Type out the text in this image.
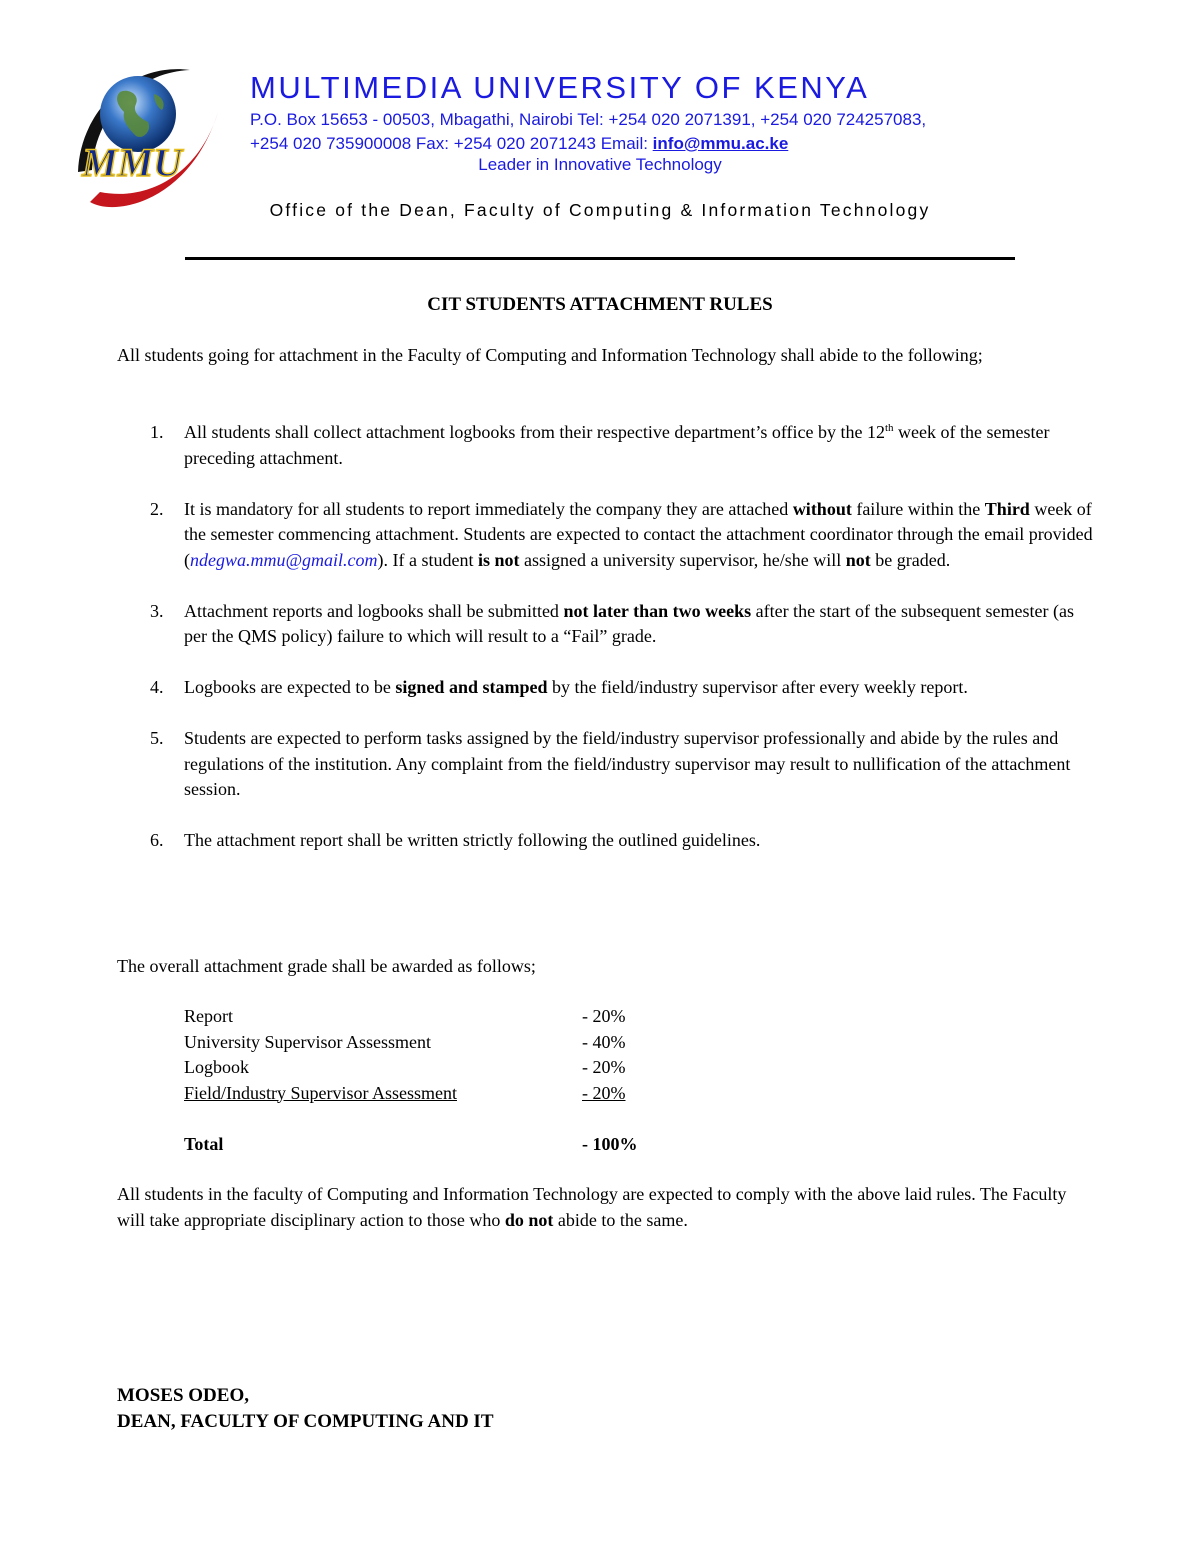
MMU
MULTIMEDIA UNIVERSITY OF KENYA
P.O. Box 15653 - 00503, Mbagathi, Nairobi Tel: +254 020 2071391, +254 020 724257083,
+254 020 735900008 Fax: +254 020 2071243 Email: info@mmu.ac.ke
Leader in Innovative Technology
Office of the Dean, Faculty of Computing & Information Technology
CIT STUDENTS ATTACHMENT RULES
All students going for attachment in the Faculty of Computing and Information Technology shall abide to the following;
1. All students shall collect attachment logbooks from their respective department’s office by the 12th week of the semester preceding attachment.
2. It is mandatory for all students to report immediately the company they are attached without failure within the Third week of the semester commencing attachment. Students are expected to contact the attachment coordinator through the email provided (ndegwa.mmu@gmail.com). If a student is not assigned a university supervisor, he/she will not be graded.
3. Attachment reports and logbooks shall be submitted not later than two weeks after the start of the subsequent semester (as per the QMS policy) failure to which will result to a “Fail” grade.
4. Logbooks are expected to be signed and stamped by the field/industry supervisor after every weekly report.
5. Students are expected to perform tasks assigned by the field/industry supervisor professionally and abide by the rules and regulations of the institution. Any complaint from the field/industry supervisor may result to nullification of the attachment session.
6. The attachment report shall be written strictly following the outlined guidelines.
The overall attachment grade shall be awarded as follows;
Report	- 20%
University Supervisor Assessment	- 40%
Logbook	- 20%
Field/Industry Supervisor Assessment	- 20%

Total	- 100%
All students in the faculty of Computing and Information Technology are expected to comply with the above laid rules. The Faculty will take appropriate disciplinary action to those who do not abide to the same.
MOSES ODEO,
DEAN, FACULTY OF COMPUTING AND IT
